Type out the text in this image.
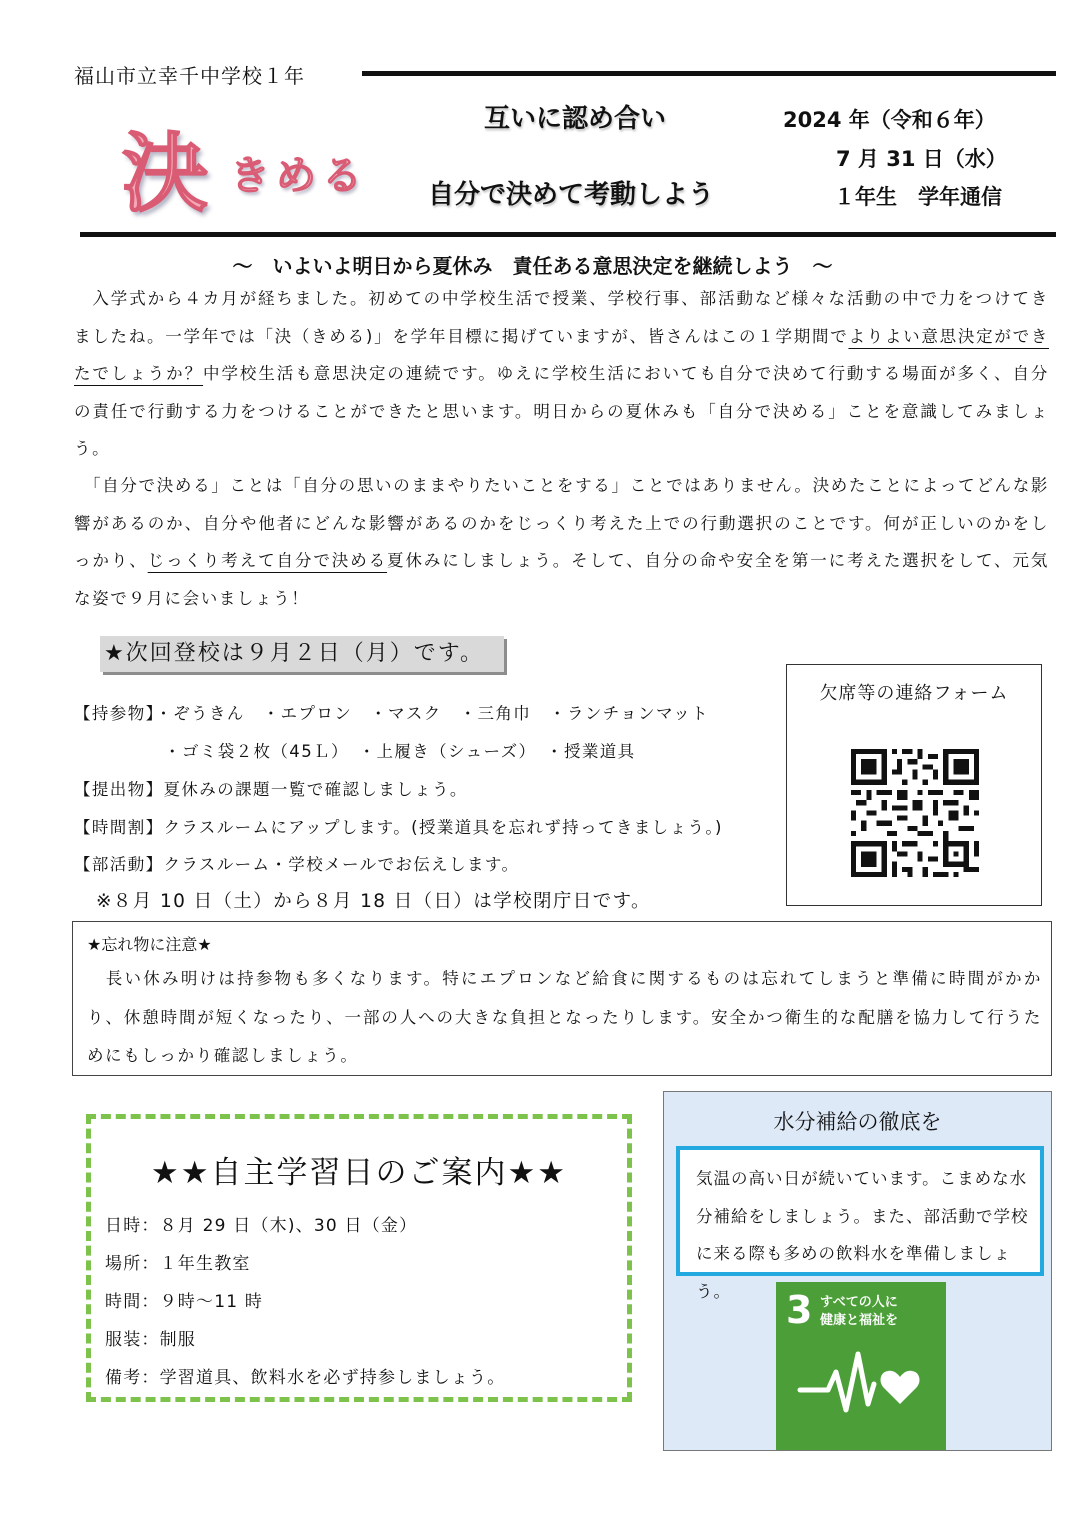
福山市立幸千中学校１年
決 きめる
互いに認め合い
自分で決めて考動しよう
2024 年（令和６年）
7 月 31 日（水）
１年生　学年通信
～　いよいよ明日から夏休み　責任ある意思決定を継続しよう　～
　入学式から４カ月が経ちました。初めての中学校生活で授業、学校行事、部活動など様々な活動の中で力をつけてきましたね。一学年では「決（きめる)」を学年目標に掲げていますが、皆さんはこの１学期間でよりよい意思決定ができたでしょうか？中学校生活も意思決定の連続です。ゆえに学校生活においても自分で決めて行動する場面が多く、自分の責任で行動する力をつけることができたと思います。明日からの夏休みも「自分で決める」ことを意識してみましょう。
　「自分で決める」ことは「自分の思いのままやりたいことをする」ことではありません。決めたことによってどんな影響があるのか、自分や他者にどんな影響があるのかをじっくり考えた上での行動選択のことです。何が正しいのかをしっかり、じっくり考えて自分で決める夏休みにしましょう。そして、自分の命や安全を第一に考えた選択をして、元気な姿で９月に会いましょう！
★次回登校は９月２日（月）です。
【持参物】・ぞうきん　・エプロン　・マスク　・三角巾　・ランチョンマット
・ゴミ袋２枚（45Ｌ）　・上履き（シューズ）　・授業道具
【提出物】夏休みの課題一覧で確認しましょう。
【時間割】クラスルームにアップします。(授業道具を忘れず持ってきましょう。)
【部活動】クラスルーム・学校メールでお伝えします。
※８月 10 日（土）から８月 18 日（日）は学校閉庁日です。
欠席等の連絡フォーム
★忘れ物に注意★
　長い休み明けは持参物も多くなります。特にエプロンなど給食に関するものは忘れてしまうと準備に時間がかかり、休憩時間が短くなったり、一部の人への大きな負担となったりします。安全かつ衛生的な配膳を協力して行うためにもしっかり確認しましょう。
★★自主学習日のご案内★★
日時：８月 29 日（木)、30 日（金）
場所：１年生教室
時間：９時～11 時
服装：制服
備考：学習道具、飲料水を必ず持参しましょう。
水分補給の徹底を
気温の高い日が続いています。こまめな水分補給をしましょう。また、部活動で学校に来る際も多めの飲料水を準備しましょう。	3 すべての人に
健康と福祉を
